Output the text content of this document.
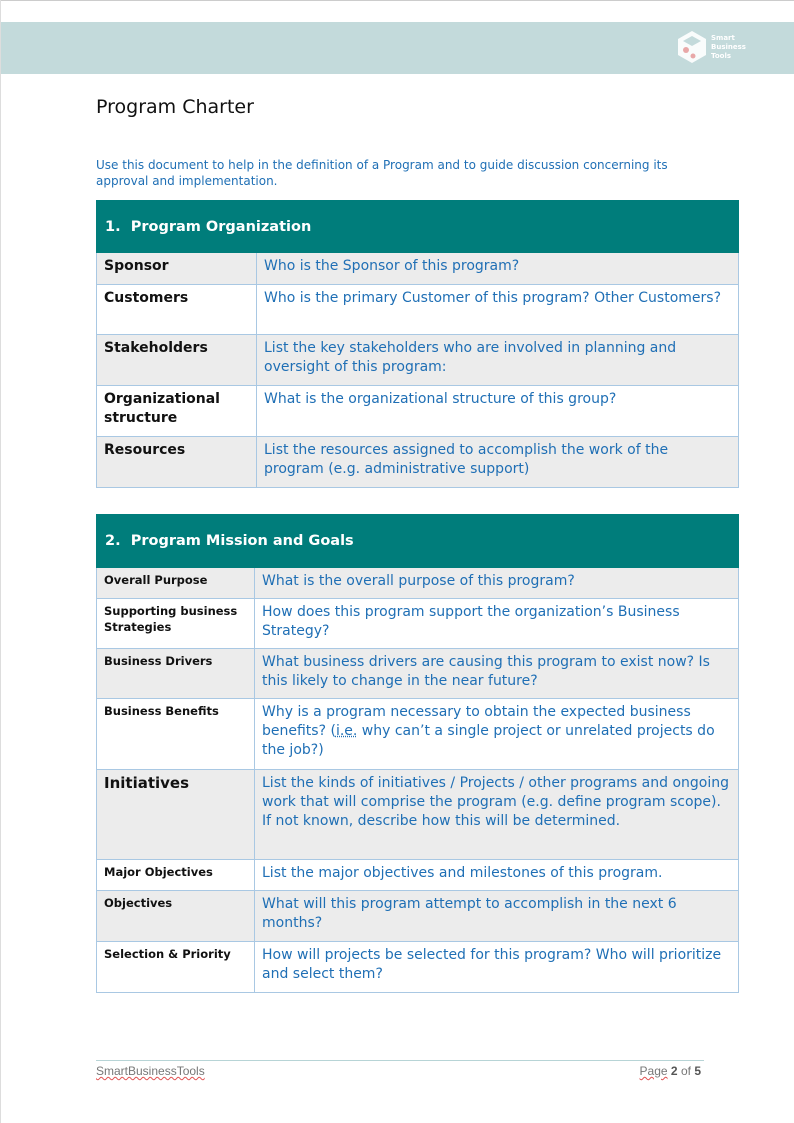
Smart
Business
Tools
Program Charter
Use this document to help in the definition of a Program and to guide discussion concerning its approval and implementation.
1. Program Organization	
Sponsor	Who is the Sponsor of this program?
Customers	Who is the primary Customer of this program? Other Customers?
Stakeholders	List the key stakeholders who are involved in planning and oversight of this program:
Organizational structure	What is the organizational structure of this group?
Resources	List the resources assigned to accomplish the work of the program (e.g. administrative support)
2. Program Mission and Goals	
Overall Purpose	What is the overall purpose of this program?
Supporting business Strategies	How does this program support the organization’s Business Strategy?
Business Drivers	What business drivers are causing this program to exist now? Is this likely to change in the near future?
Business Benefits	Why is a program necessary to obtain the expected business benefits? (i.e. why can’t a single project or unrelated projects do the job?)
Initiatives	List the kinds of initiatives / Projects / other programs and ongoing work that will comprise the program (e.g. define program scope). If not known, describe how this will be determined.
Major Objectives	List the major objectives and milestones of this program.
Objectives	What will this program attempt to accomplish in the next 6 months?
Selection & Priority	How will projects be selected for this program? Who will prioritize and select them?
SmartBusinessTools	Page 2 of 5
